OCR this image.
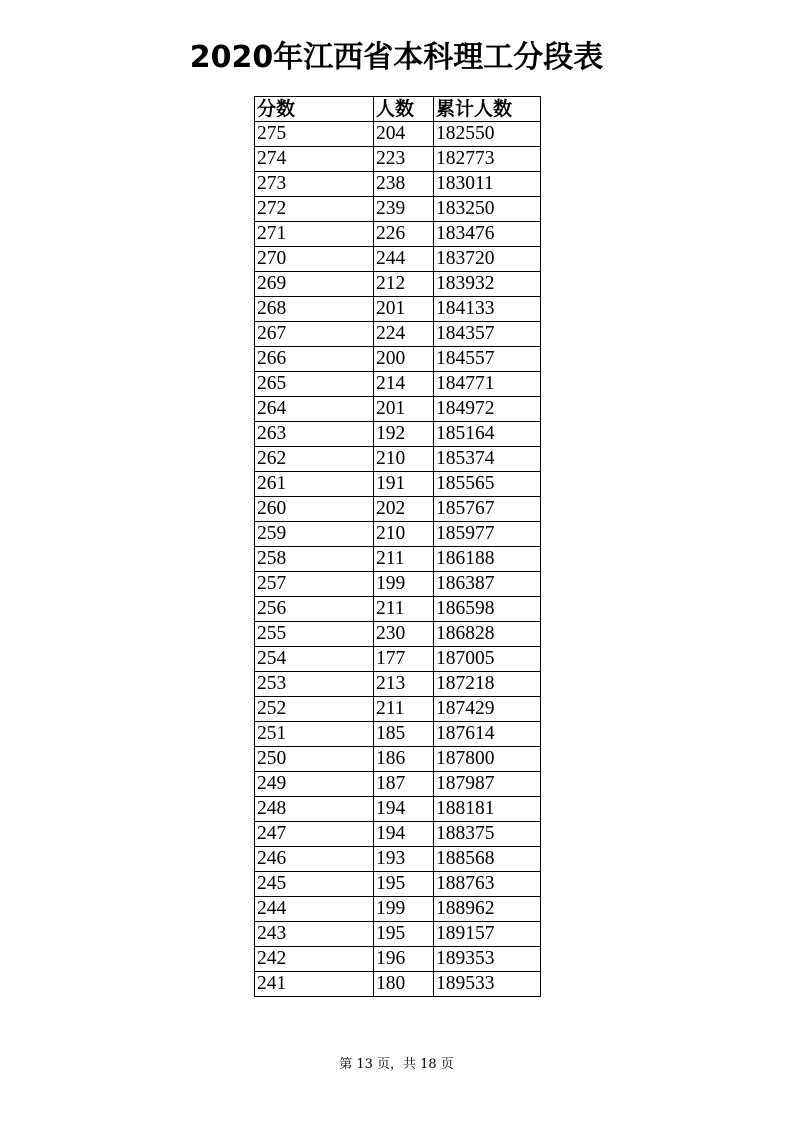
2020年江西省本科理工分段表
分数	人数	累计人数
275	204	182550
274	223	182773
273	238	183011
272	239	183250
271	226	183476
270	244	183720
269	212	183932
268	201	184133
267	224	184357
266	200	184557
265	214	184771
264	201	184972
263	192	185164
262	210	185374
261	191	185565
260	202	185767
259	210	185977
258	211	186188
257	199	186387
256	211	186598
255	230	186828
254	177	187005
253	213	187218
252	211	187429
251	185	187614
250	186	187800
249	187	187987
248	194	188181
247	194	188375
246	193	188568
245	195	188763
244	199	188962
243	195	189157
242	196	189353
241	180	189533
第 13 页，共 18 页
